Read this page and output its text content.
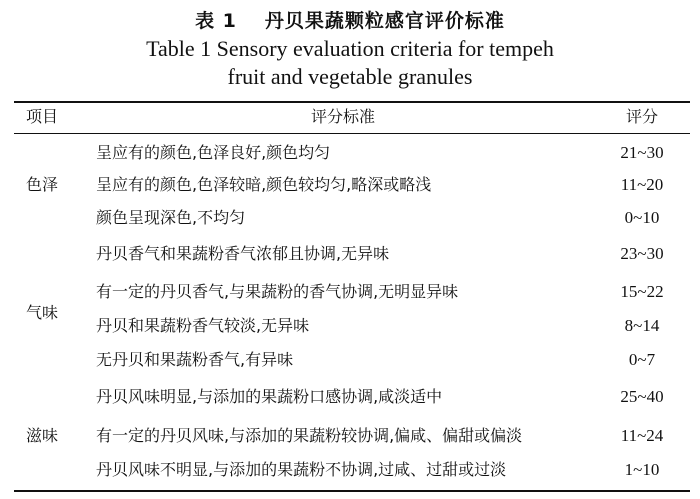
表 1 丹贝果蔬颗粒感官评价标准
Table 1 Sensory evaluation criteria for tempeh
fruit and vegetable granules
项目	评分标准	评分
色泽
呈应有的颜色,色泽良好,颜色均匀	21~30
呈应有的颜色,色泽较暗,颜色较均匀,略深或略浅	11~20
颜色呈现深色,不均匀	0~10
气味
丹贝香气和果蔬粉香气浓郁且协调,无异味	23~30
有一定的丹贝香气,与果蔬粉的香气协调,无明显异味	15~22
丹贝和果蔬粉香气较淡,无异味	8~14
无丹贝和果蔬粉香气,有异味	0~7
滋味
丹贝风味明显,与添加的果蔬粉口感协调,咸淡适中	25~40
有一定的丹贝风味,与添加的果蔬粉较协调,偏咸、偏甜或偏淡	11~24
丹贝风味不明显,与添加的果蔬粉不协调,过咸、过甜或过淡	1~10
